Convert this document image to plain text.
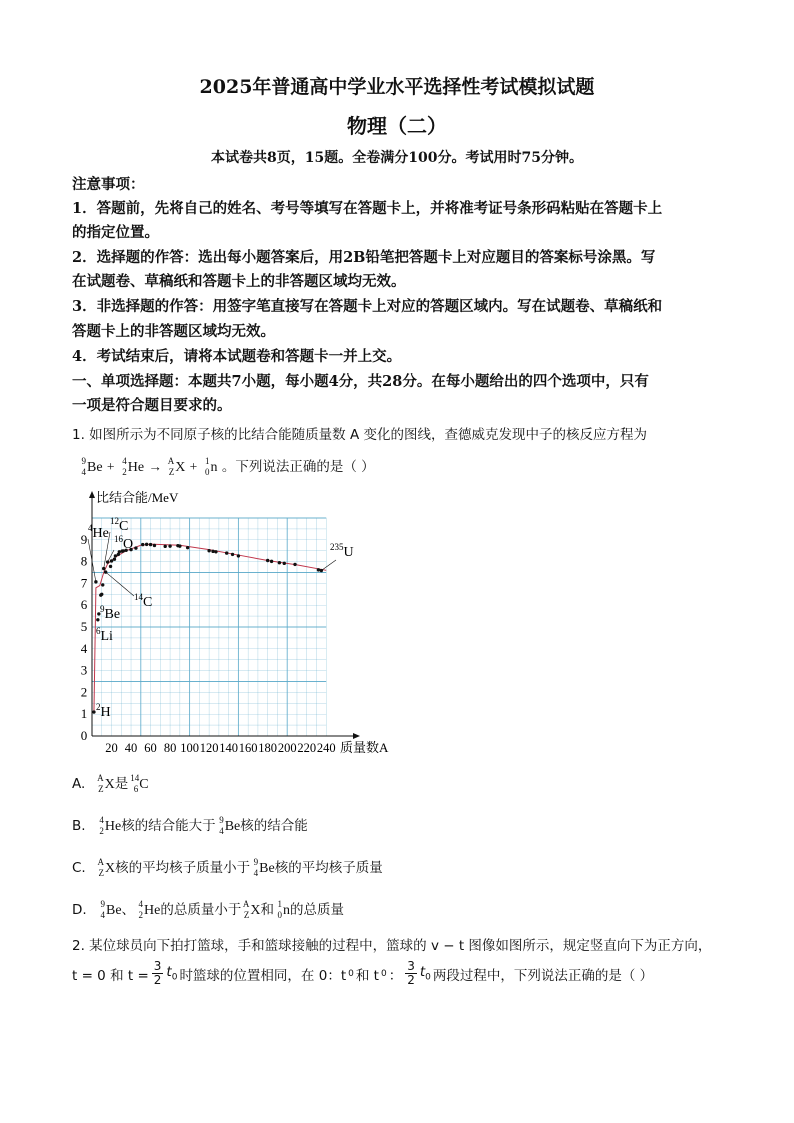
2025年普通高中学业水平选择性考试模拟试题
物理（二）
本试卷共8页，15题。全卷满分100分。考试用时75分钟。
注意事项：
1．答题前，先将自己的姓名、考号等填写在答题卡上，并将准考证号条形码粘贴在答题卡上
的指定位置。
2．选择题的作答：选出每小题答案后，用2B铅笔把答题卡上对应题目的答案标号涂黑。写
在试题卷、草稿纸和答题卡上的非答题区域均无效。
3．非选择题的作答：用签字笔直接写在答题卡上对应的答题区域内。写在试题卷、草稿纸和
答题卡上的非答题区域均无效。
4．考试结束后，请将本试题卷和答题卡一并上交。
一、单项选择题：本题共7小题，每小题4分，共28分。在每小题给出的四个选项中，只有
一项是符合题目要求的。
1. 如图所示为不同原子核的比结合能随质量数 A 变化的图线，查德威克发现中子的核反应方程为
9
4 Be + 4
2 He → A
Z X + 1
0 n 。下列说法正确的是（ ）
0
1
2
3
4
5
6
7
8
9
20 40 60 80 100 120 140 160 180 200 220 240
$^4$He
$^{12}$C
$^{16}$O
$^{14}$C
$^9$Be
$^6$Li
$^2$H
$^{235}$U
比结合能/MeV
质量数A
A. A
Z X是 14
6 C
B.	4
2 He核的结合能大于 9
4 Be核的结合能
C. A
Z X核的平均核子质量小于 9
4 Be核的平均核子质量
D.	9
4 Be、 4
2 He的总质量小于 A
Z X和 1
0 n的总质量
2. 某位球员向下拍打篮球，手和篮球接触的过程中，篮球的 v − t 图像如图所示，规定竖直向下为正方向，
t = 0 和 $t = \frac{3}{2} t_0$ 时篮球的位置相同，在 0：t 0 和 t 0 ： $\frac{3}{2} t_0$ 两段过程中，下列说法正确的是（ ）
